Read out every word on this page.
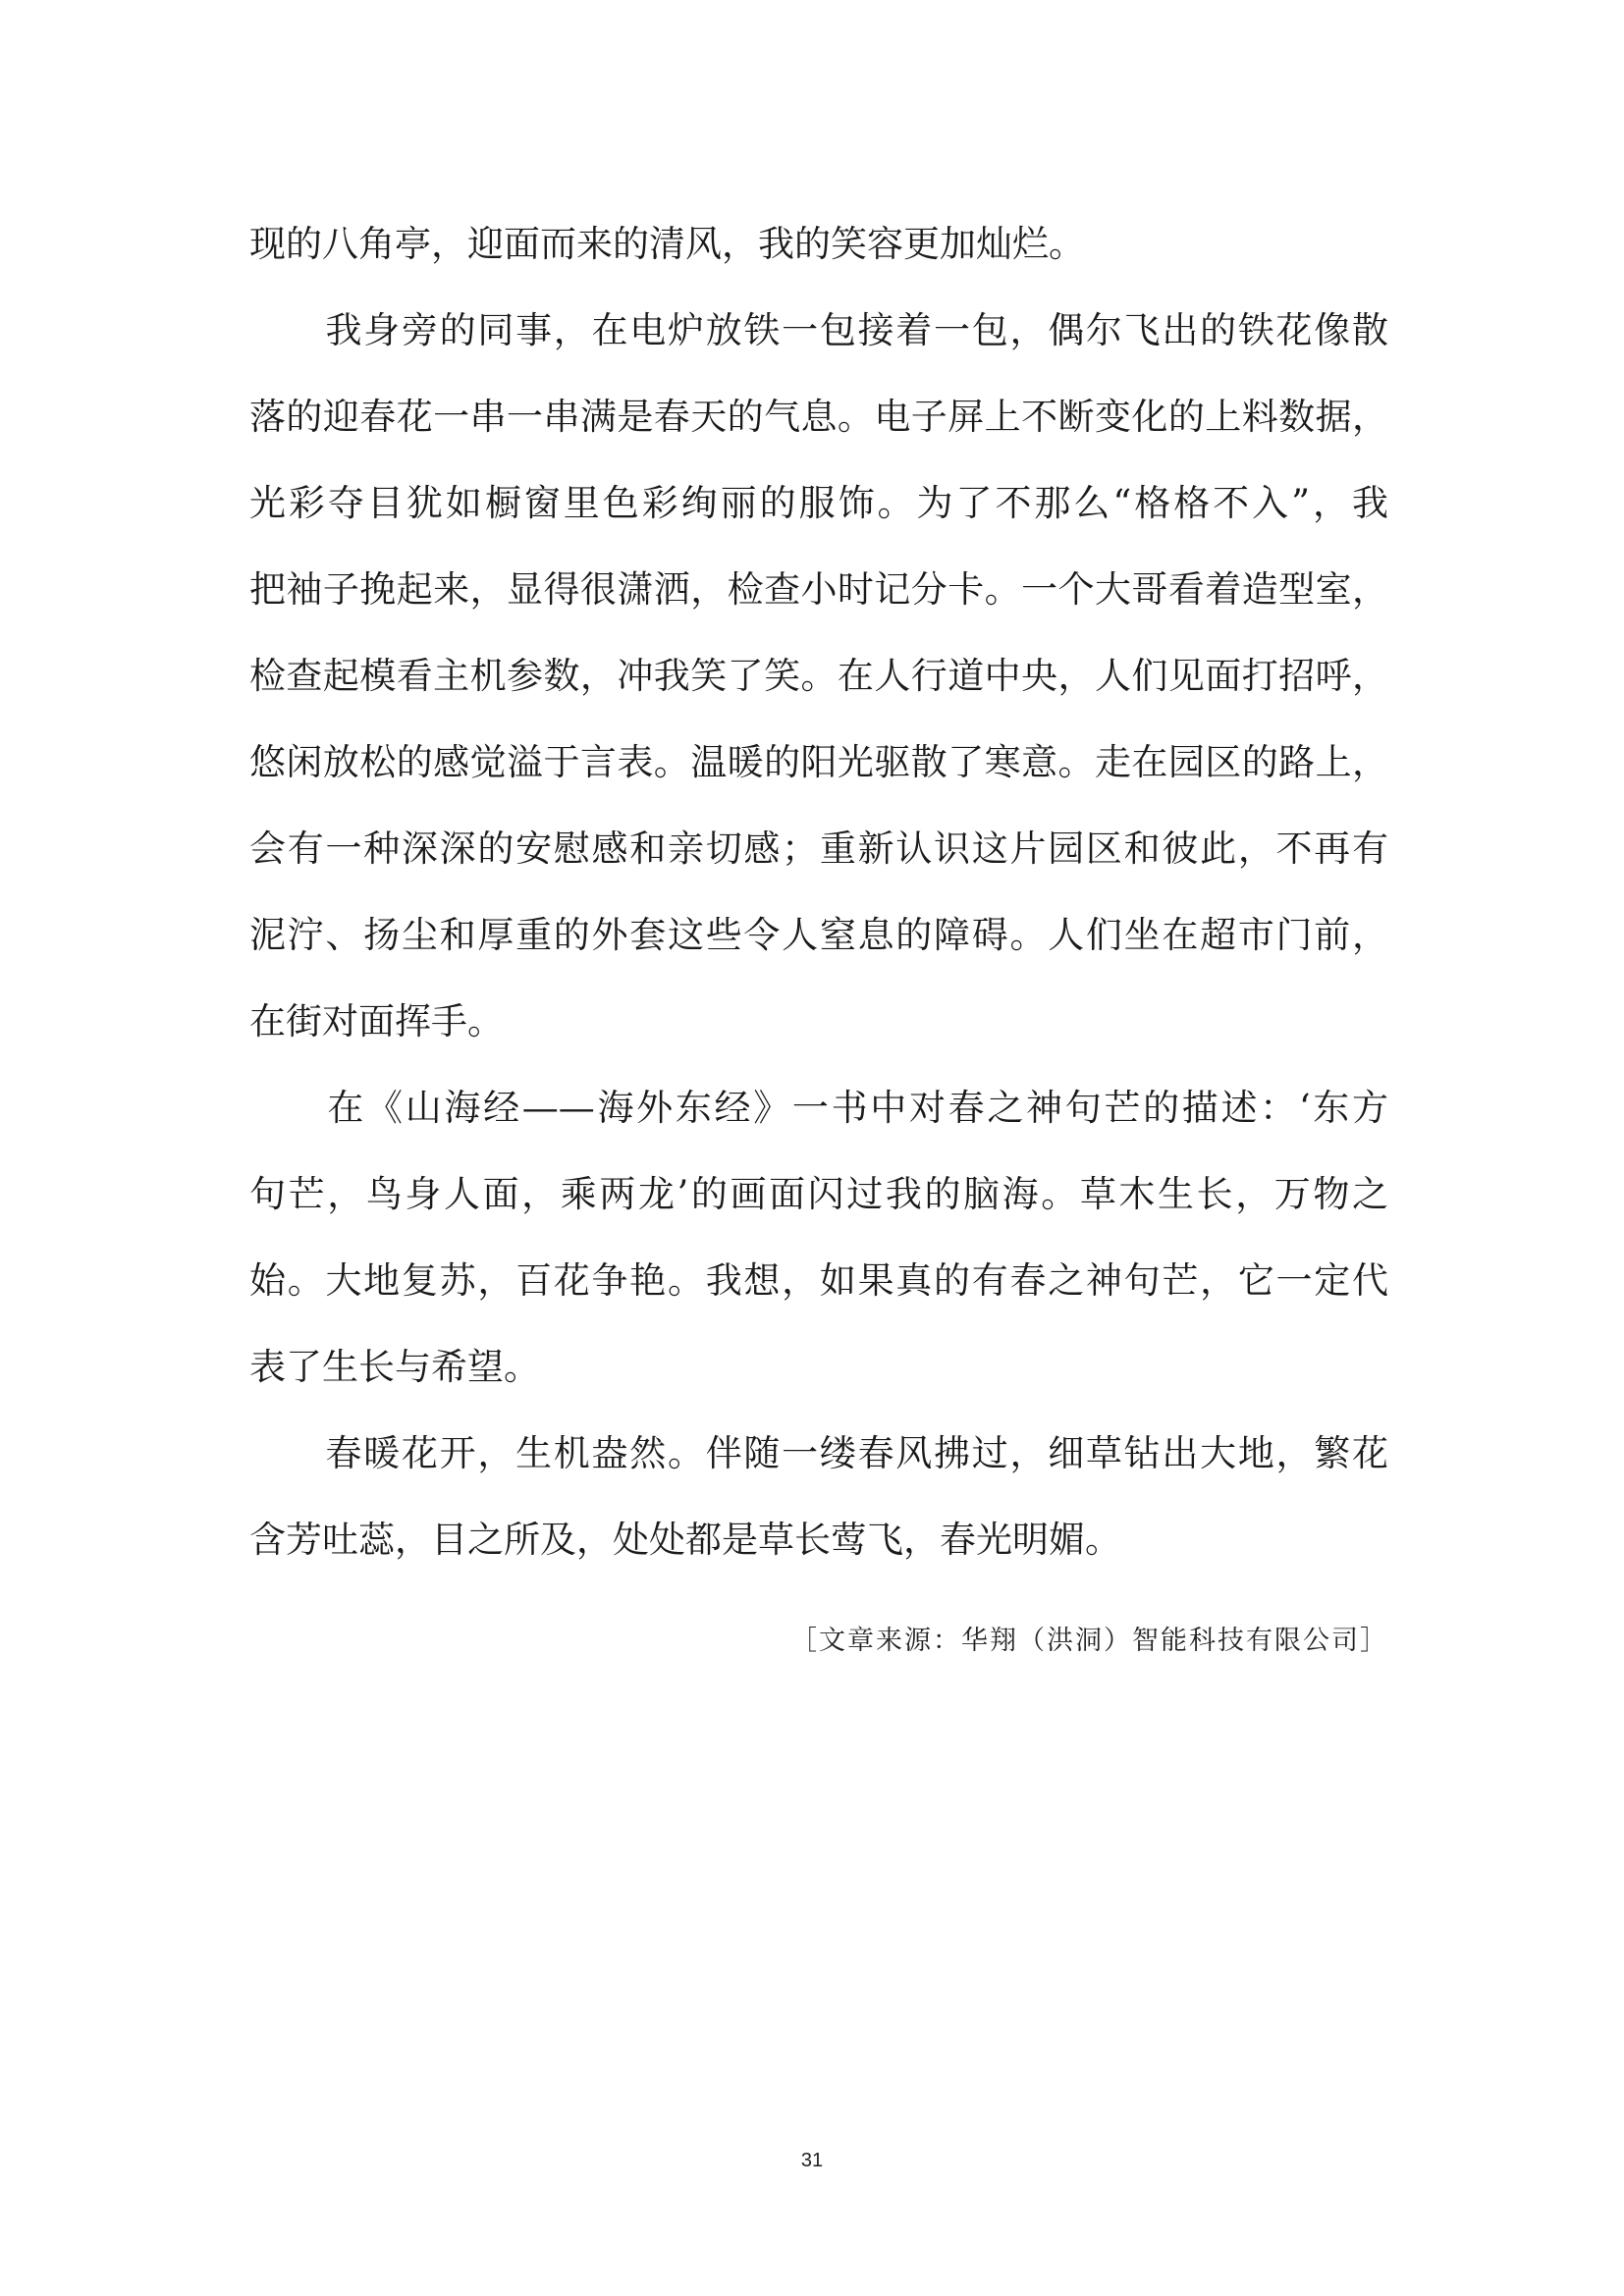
现的八角亭，迎面而来的清风，我的笑容更加灿烂。
　　我身旁的同事，在电炉放铁一包接着一包，偶尔飞出的铁花像散
落的迎春花一串一串满是春天的气息。电子屏上不断变化的上料数据，
光彩夺目犹如橱窗里色彩绚丽的服饰。为了不那么“格格不入”，我
把袖子挽起来，显得很潇洒，检查小时记分卡。一个大哥看着造型室，
检查起模看主机参数，冲我笑了笑。在人行道中央，人们见面打招呼，
悠闲放松的感觉溢于言表。温暖的阳光驱散了寒意。走在园区的路上，
会有一种深深的安慰感和亲切感；重新认识这片园区和彼此，不再有
泥泞、扬尘和厚重的外套这些令人窒息的障碍。人们坐在超市门前，
在街对面挥手。
　　在《山海经——海外东经》一书中对春之神句芒的描述：‘东方
句芒，鸟身人面，乘两龙’的画面闪过我的脑海。草木生长，万物之
始。大地复苏，百花争艳。我想，如果真的有春之神句芒，它一定代
表了生长与希望。
　　春暖花开，生机盎然。伴随一缕春风拂过，细草钻出大地，繁花
含芳吐蕊，目之所及，处处都是草长莺飞，春光明媚。
［文章来源：华翔（洪洞）智能科技有限公司］
31
